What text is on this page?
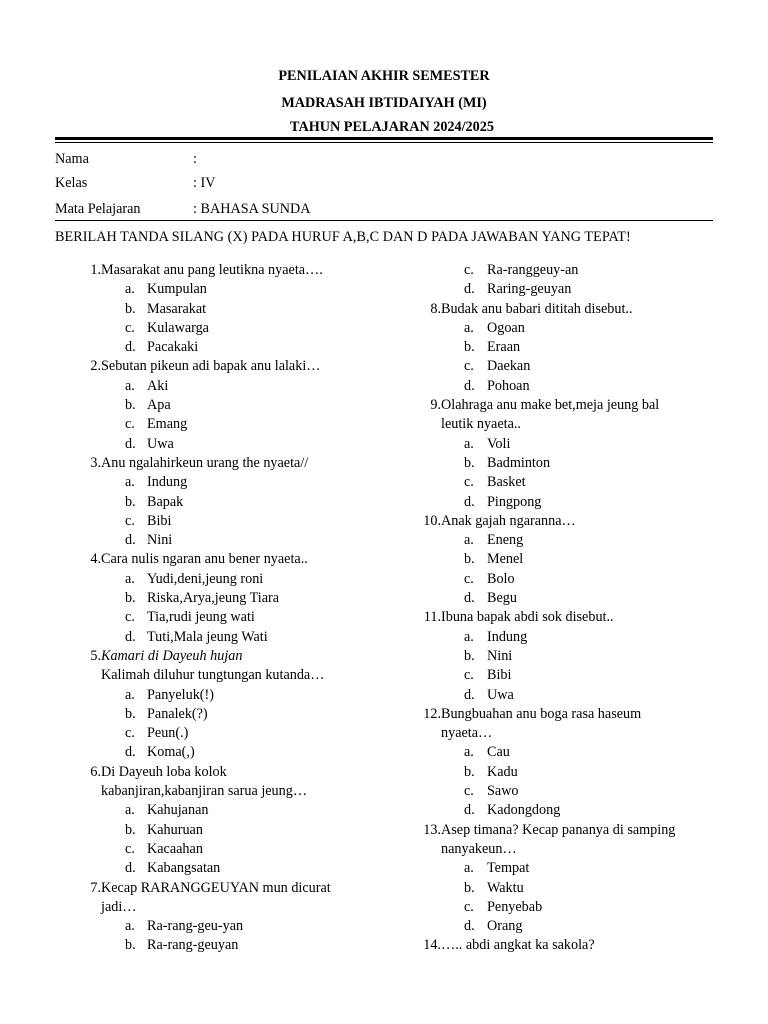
PENILAIAN AKHIR SEMESTER
MADRASAH IBTIDAIYAH (MI)
TAHUN PELAJARAN 2024/2025
Nama	:
Kelas	: IV
Mata Pelajaran	: BAHASA SUNDA
BERILAH TANDA SILANG (X) PADA HURUF A,B,C DAN D PADA JAWABAN YANG TEPAT!
1. Masarakat anu pang leutikna nyaeta….
a. Kumpulan
b. Masarakat
c. Kulawarga
d. Pacakaki
2. Sebutan pikeun adi bapak anu lalaki…
a. Aki
b. Apa
c. Emang
d. Uwa
3. Anu ngalahirkeun urang the nyaeta//
a. Indung
b. Bapak
c. Bibi
d. Nini
4. Cara nulis ngaran anu bener nyaeta..
a. Yudi,deni,jeung roni
b. Riska,Arya,jeung Tiara
c. Tia,rudi jeung wati
d. Tuti,Mala jeung Wati
5. Kamari di Dayeuh hujan
Kalimah diluhur tungtungan kutanda…
a. Panyeluk(!)
b. Panalek(?)
c. Peun(.)
d. Koma(,)
6. Di Dayeuh loba kolok
kabanjiran,kabanjiran sarua jeung…
a. Kahujanan
b. Kahuruan
c. Kacaahan
d. Kabangsatan
7. Kecap RARANGGEUYAN mun dicurat
jadi…
a. Ra-rang-geu-yan
b. Ra-rang-geuyan
c. Ra-ranggeuy-an
d. Raring-geuyan
8. Budak anu babari dititah disebut..
a. Ogoan
b. Eraan
c. Daekan
d. Pohoan
9. Olahraga anu make bet,meja jeung bal
leutik nyaeta..
a. Voli
b. Badminton
c. Basket
d. Pingpong
10. Anak gajah ngaranna…
a. Eneng
b. Menel
c. Bolo
d. Begu
11. Ibuna bapak abdi sok disebut..
a. Indung
b. Nini
c. Bibi
d. Uwa
12. Bungbuahan anu boga rasa haseum
nyaeta…
a. Cau
b. Kadu
c. Sawo
d. Kadongdong
13. Asep timana? Kecap pananya di samping
nanyakeun…
a. Tempat
b. Waktu
c. Penyebab
d. Orang
14. ….. abdi angkat ka sakola?
